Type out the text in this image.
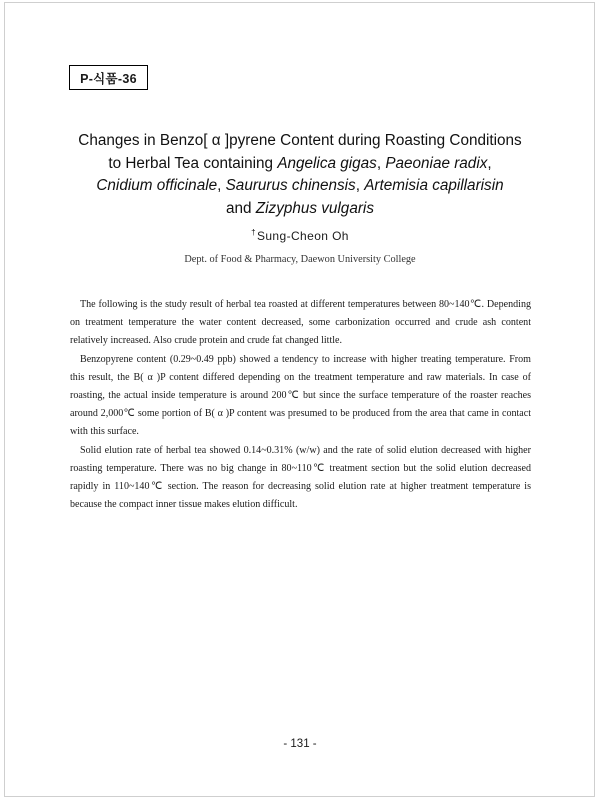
P-식품-36
Changes in Benzo[ α ]pyrene Content during Roasting Conditions
to Herbal Tea containing Angelica gigas, Paeoniae radix,
Cnidium officinale, Saururus chinensis, Artemisia capillarisin
and Zizyphus vulgaris
†Sung-Cheon Oh
Dept. of Food & Pharmacy, Daewon University College

The following is the study result of herbal tea roasted at different temperatures between 80~140℃. Depending on treatment temperature the water content decreased, some carbonization occurred and crude ash content relatively increased. Also crude protein and crude fat changed little.

Benzopyrene content (0.29~0.49 ppb) showed a tendency to increase with higher treating temperature. From this result, the B( α )P content differed depending on the treatment temperature and raw materials. In case of roasting, the actual inside temperature is around 200℃ but since the surface temperature of the roaster reaches around 2,000℃ some portion of B( α )P content was presumed to be produced from the area that came in contact with this surface.

Solid elution rate of herbal tea showed 0.14~0.31% (w/w) and the rate of solid elution decreased with higher roasting temperature. There was no big change in 80~110℃ treatment section but the solid elution decreased rapidly in 110~140℃ section. The reason for decreasing solid elution rate at higher treatment temperature is because the compact inner tissue makes elution difficult.

- 131 -
